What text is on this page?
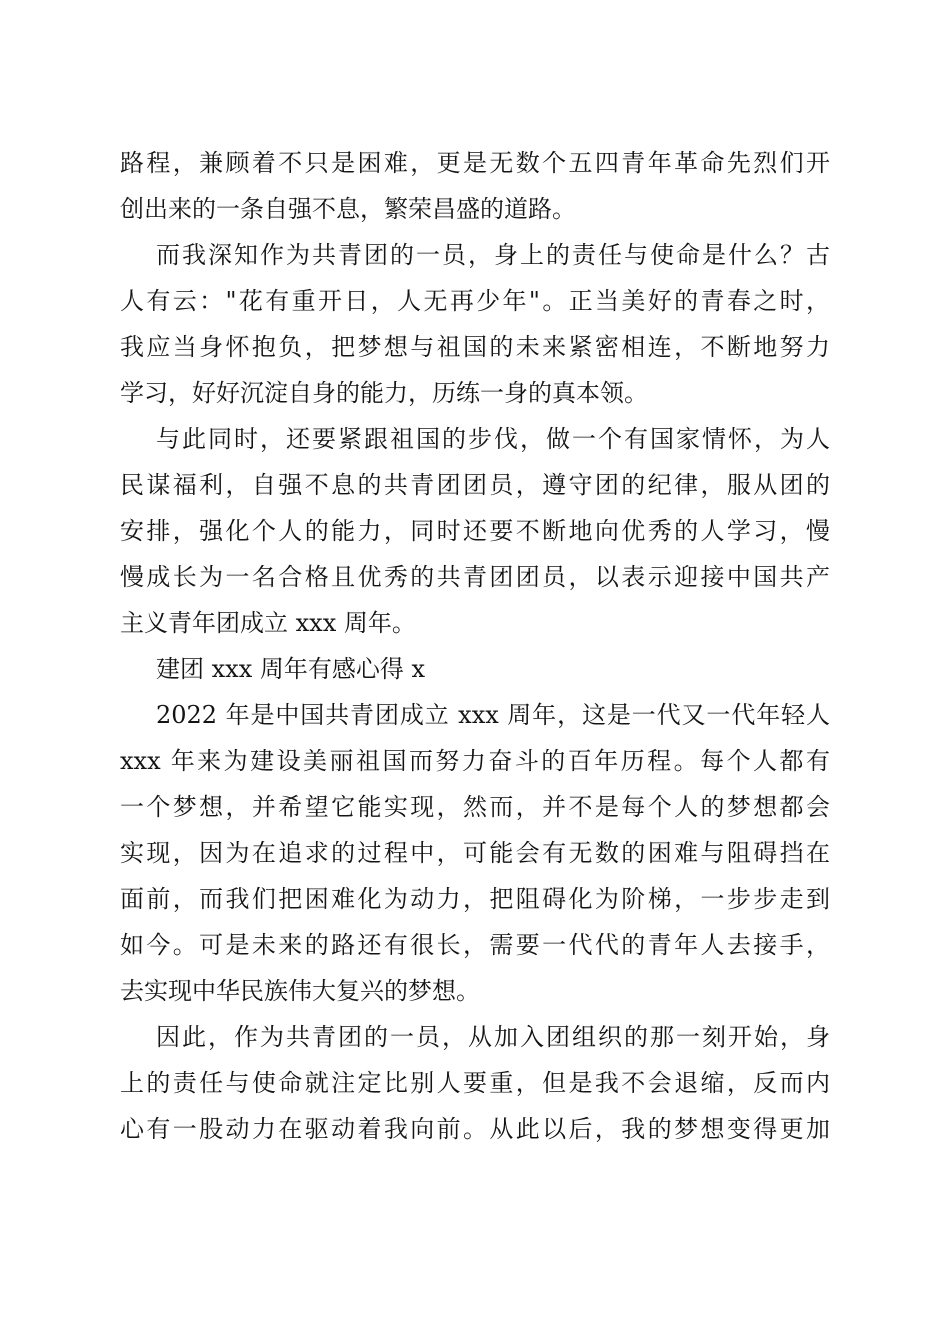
路程，兼顾着不只是困难，更是无数个五四青年革命先烈们开
创出来的一条自强不息，繁荣昌盛的道路。
而我深知作为共青团的一员，身上的责任与使命是什么？古
人有云："花有重开日，人无再少年"。正当美好的青春之时，
我应当身怀抱负，把梦想与祖国的未来紧密相连，不断地努力
学习，好好沉淀自身的能力，历练一身的真本领。
与此同时，还要紧跟祖国的步伐，做一个有国家情怀，为人
民谋福利，自强不息的共青团团员，遵守团的纪律，服从团的
安排，强化个人的能力，同时还要不断地向优秀的人学习，慢
慢成长为一名合格且优秀的共青团团员，以表示迎接中国共产
主义青年团成立 xxx 周年。
建团 xxx 周年有感心得 x
2022 年是中国共青团成立 xxx 周年，这是一代又一代年轻人
xxx 年来为建设美丽祖国而努力奋斗的百年历程。每个人都有
一个梦想，并希望它能实现，然而，并不是每个人的梦想都会
实现，因为在追求的过程中，可能会有无数的困难与阻碍挡在
面前，而我们把困难化为动力，把阻碍化为阶梯，一步步走到
如今。可是未来的路还有很长，需要一代代的青年人去接手，
去实现中华民族伟大复兴的梦想。
因此，作为共青团的一员，从加入团组织的那一刻开始，身
上的责任与使命就注定比别人要重，但是我不会退缩，反而内
心有一股动力在驱动着我向前。从此以后，我的梦想变得更加
